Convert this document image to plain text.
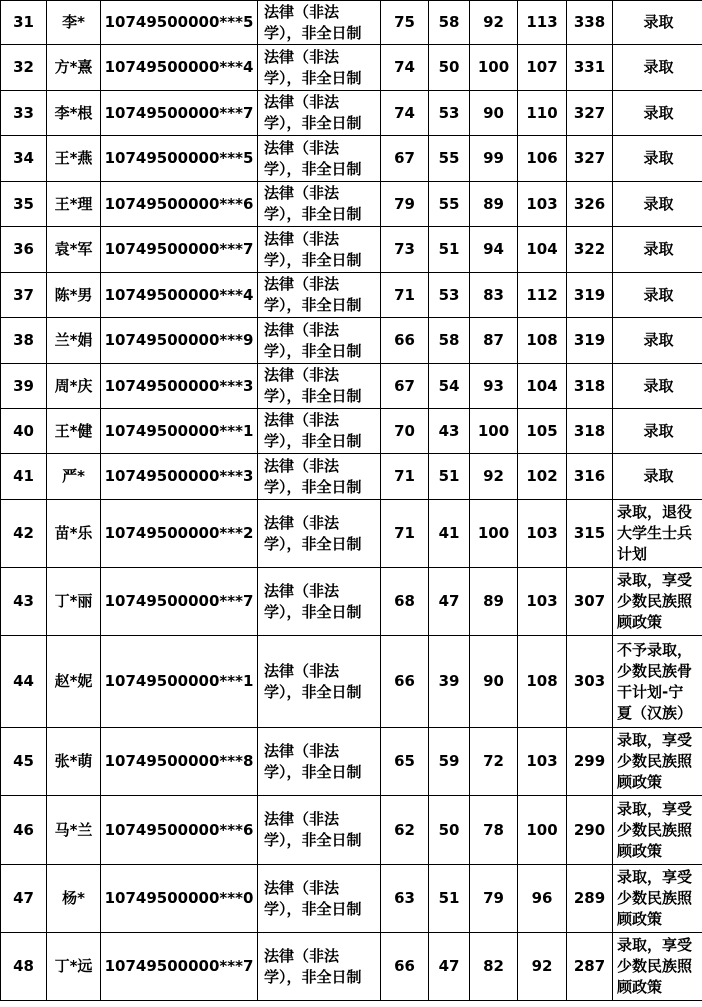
31	李*	10749500000***5	法律（非法
学），非全日制	75	58	92	113	338	录取

32	方*熹	10749500000***4	法律（非法
学），非全日制	74	50	100	107	331	录取

33	李*根	10749500000***7	法律（非法
学），非全日制	74	53	90	110	327	录取

34	王*燕	10749500000***5	法律（非法
学），非全日制	67	55	99	106	327	录取

35	王*理	10749500000***6	法律（非法
学），非全日制	79	55	89	103	326	录取

36	袁*军	10749500000***7	法律（非法
学），非全日制	73	51	94	104	322	录取

37	陈*男	10749500000***4	法律（非法
学），非全日制	71	53	83	112	319	录取

38	兰*娟	10749500000***9	法律（非法
学），非全日制	66	58	87	108	319	录取

39	周*庆	10749500000***3	法律（非法
学），非全日制	67	54	93	104	318	录取

40	王*健	10749500000***1	法律（非法
学），非全日制	70	43	100	105	318	录取

41	严*	10749500000***3	法律（非法
学），非全日制	71	51	92	102	316	录取

42	苗*乐	10749500000***2	法律（非法
学），非全日制	71	41	100	103	315	录取，退役
大学生士兵
计划

43	丁*丽	10749500000***7	法律（非法
学），非全日制	68	47	89	103	307	录取，享受
少数民族照
顾政策

44	赵*妮	10749500000***1	法律（非法
学），非全日制	66	39	90	108	303	不予录取，
少数民族骨
干计划-宁
夏（汉族）

45	张*萌	10749500000***8	法律（非法
学），非全日制	65	59	72	103	299	录取，享受
少数民族照
顾政策

46	马*兰	10749500000***6	法律（非法
学），非全日制	62	50	78	100	290	录取，享受
少数民族照
顾政策

47	杨*	10749500000***0	法律（非法
学），非全日制	63	51	79	96	289	录取，享受
少数民族照
顾政策

48	丁*远	10749500000***7	法律（非法
学），非全日制	66	47	82	92	287	录取，享受
少数民族照
顾政策
